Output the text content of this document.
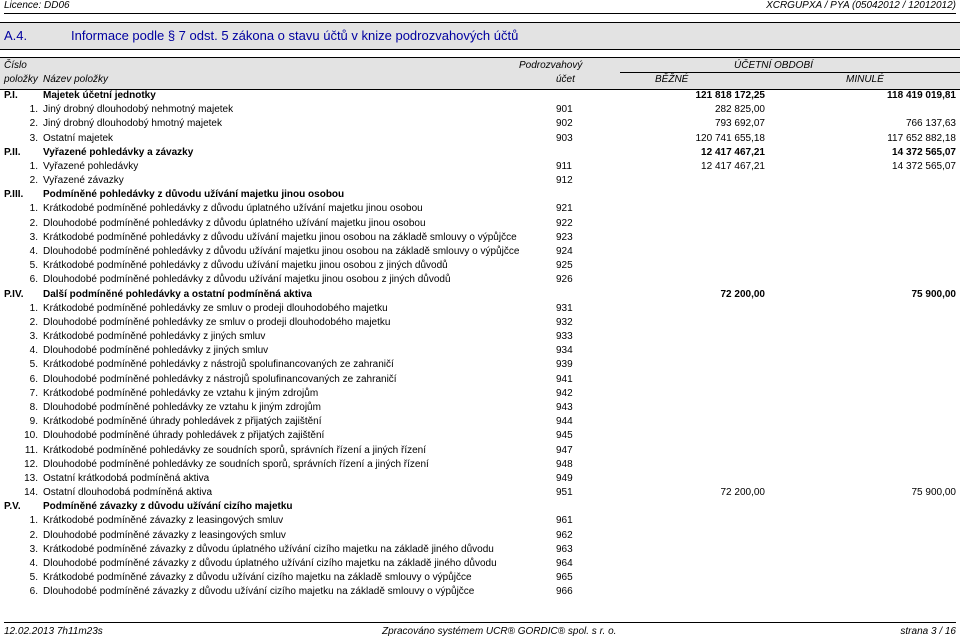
Licence: DD06	XCRGUPXA / PYA (05042012 / 12012012)
A.4.	Informace podle § 7 odst. 5 zákona o stavu účtů v knize podrozvahových účtů
Číslo	Podrozvahový	ÚČETNÍ OBDOBÍ
položky Název položky	účet	BĚŽNÉ	MINULÉ
P.I.	Majetek účetní jednotky	121 818 172,25	118 419 019,81
1. Jiný drobný dlouhodobý nehmotný majetek	901	282 825,00
2. Jiný drobný dlouhodobý hmotný majetek	902	793 692,07	766 137,63
3. Ostatní majetek	903	120 741 655,18	117 652 882,18
P.II.	Vyřazené pohledávky a závazky	12 417 467,21	14 372 565,07
1. Vyřazené pohledávky	911	12 417 467,21	14 372 565,07
2. Vyřazené závazky	912
P.III.	Podmíněné pohledávky z důvodu užívání majetku jinou osobou
1. Krátkodobé podmíněné pohledávky z důvodu úplatného užívání majetku jinou osobou	921
2. Dlouhodobé podmíněné pohledávky z důvodu úplatného užívání majetku jinou osobou	922
3. Krátkodobé podmíněné pohledávky z důvodu užívání majetku jinou osobou na základě smlouvy o výpůjčce	923
4. Dlouhodobé podmíněné pohledávky z důvodu užívání majetku jinou osobou na základě smlouvy o výpůjčce	924
5. Krátkodobé podmíněné pohledávky z důvodu užívání majetku jinou osobou z jiných důvodů	925
6. Dlouhodobé podmíněné pohledávky z důvodu užívání majetku jinou osobou z jiných důvodů	926
P.IV.	Další podmíněné pohledávky a ostatní podmíněná aktiva	72 200,00	75 900,00
1. Krátkodobé podmíněné pohledávky ze smluv o prodeji dlouhodobého majetku	931
2. Dlouhodobé podmíněné pohledávky ze smluv o prodeji dlouhodobého majetku	932
3. Krátkodobé podmíněné pohledávky z jiných smluv	933
4. Dlouhodobé podmíněné pohledávky z jiných smluv	934
5. Krátkodobé podmíněné pohledávky z nástrojů spolufinancovaných ze zahraničí	939
6. Dlouhodobé podmíněné pohledávky z nástrojů spolufinancovaných ze zahraničí	941
7. Krátkodobé podmíněné pohledávky ze vztahu k jiným zdrojům	942
8. Dlouhodobé podmíněné pohledávky ze vztahu k jiným zdrojům	943
9. Krátkodobé podmíněné úhrady pohledávek z přijatých zajištění	944
10. Dlouhodobé podmíněné úhrady pohledávek z přijatých zajištění	945
11. Krátkodobé podmíněné pohledávky ze soudních sporů, správních řízení a jiných řízení	947
12. Dlouhodobé podmíněné pohledávky ze soudních sporů, správních řízení a jiných řízení	948
13. Ostatní krátkodobá podmíněná aktiva	949
14. Ostatní dlouhodobá podmíněná aktiva	951	72 200,00	75 900,00
P.V.	Podmíněné závazky z důvodu užívání cizího majetku
1. Krátkodobé podmíněné závazky z leasingových smluv	961
2. Dlouhodobé podmíněné závazky z leasingových smluv	962
3. Krátkodobé podmíněné závazky z důvodu úplatného užívání cizího majetku na základě jiného důvodu	963
4. Dlouhodobé podmíněné závazky z důvodu úplatného užívání cizího majetku na základě jiného důvodu	964
5. Krátkodobé podmíněné závazky z důvodu užívání cizího majetku na základě smlouvy o výpůjčce	965
6. Dlouhodobé podmíněné závazky z důvodu užívání cizího majetku na základě smlouvy o výpůjčce	966
12.02.2013 7h11m23s	Zpracováno systémem UCR® GORDIC® spol. s r. o.	strana 3 / 16
